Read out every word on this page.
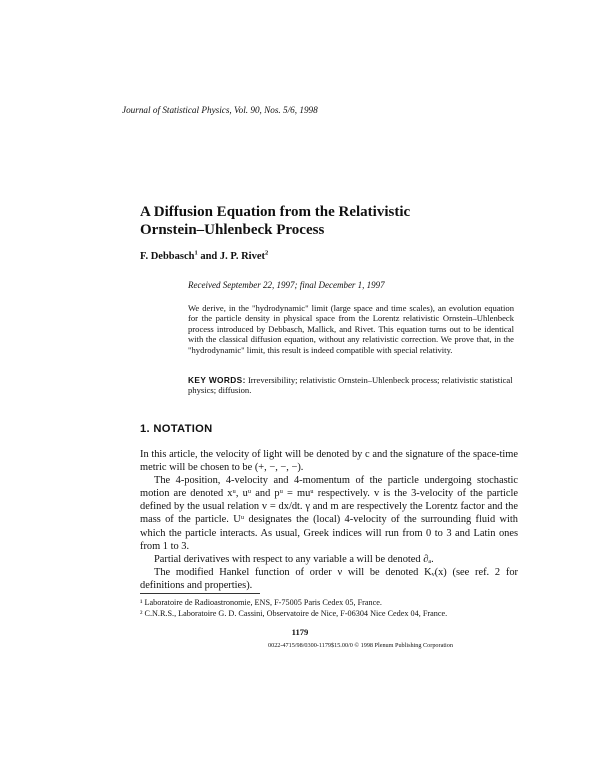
Journal of Statistical Physics, Vol. 90, Nos. 5/6, 1998
A Diffusion Equation from the Relativistic
Ornstein–Uhlenbeck Process
F. Debbasch$^1$ and J. P. Rivet$^2$
Received September 22, 1997; final December 1, 1997
We derive, in the "hydrodynamic" limit (large space and time scales), an evolution equation for the particle density in physical space from the Lorentz relativistic Ornstein–Uhlenbeck process introduced by Debbasch, Mallick, and Rivet. This equation turns out to be identical with the classical diffusion equation, without any relativistic correction. We prove that, in the "hydrodynamic" limit, this result is indeed compatible with special relativity.
KEY WORDS: Irreversibility; relativistic Ornstein–Uhlenbeck process; relativistic statistical physics; diffusion.
1. NOTATION

In this article, the velocity of light will be denoted by c and the signature of the space-time metric will be chosen to be (+, −, −, −).

The 4-position, 4-velocity and 4-momentum of the particle undergoing stochastic motion are denoted xᵘ, uᵘ and pᵘ = muᵘ respectively. v is the 3-velocity of the particle defined by the usual relation v = dx/dt. γ and m are respectively the Lorentz factor and the mass of the particle. Uᵘ designates the (local) 4-velocity of the surrounding fluid with which the particle interacts. As usual, Greek indices will run from 0 to 3 and Latin ones from 1 to 3.

Partial derivatives with respect to any variable a will be denoted ∂ₐ.

The modified Hankel function of order ν will be denoted Kᵥ(x) (see ref. 2 for definitions and properties).

¹ Laboratoire de Radioastronomie, ENS, F-75005 Paris Cedex 05, France.
² C.N.R.S., Laboratoire G. D. Cassini, Observatoire de Nice, F-06304 Nice Cedex 04, France.
1179
0022-4715/98/0300-1179$15.00/0 © 1998 Plenum Publishing Corporation
